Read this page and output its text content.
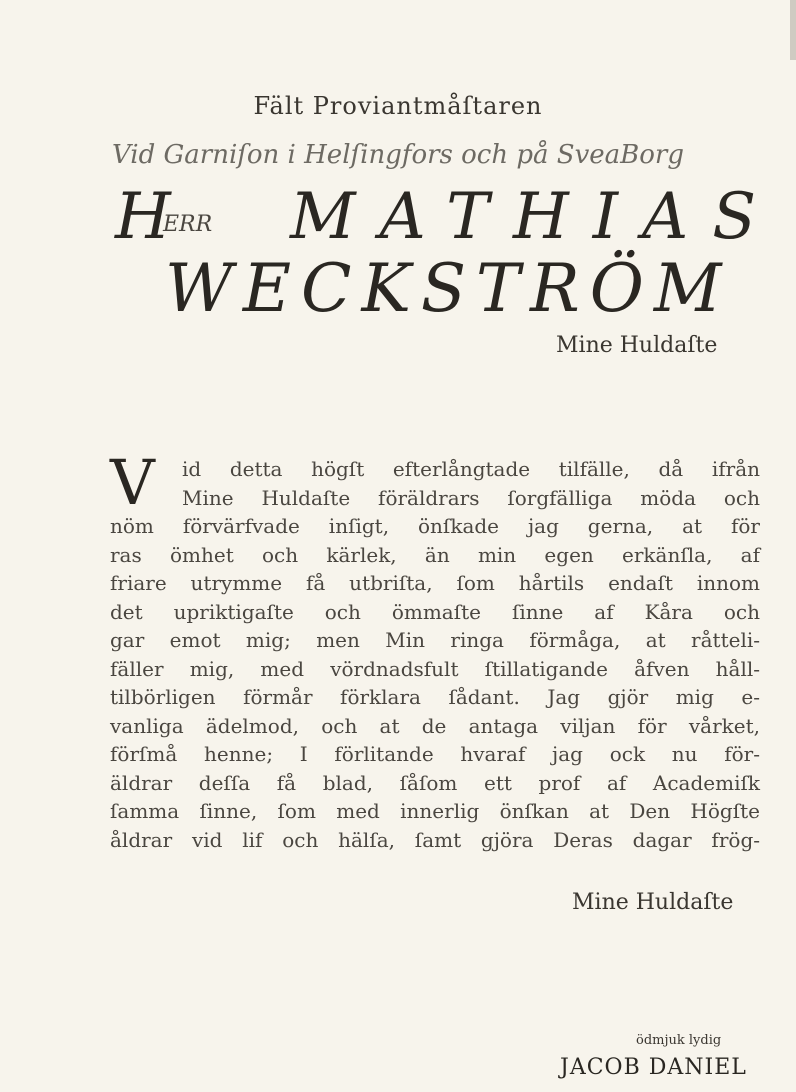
Fält Proviantmåſtaren
Vid Garniſon i Helſingfors och på SveaBorg
H
ERR MATHIAS
WECKSTRÖM
Mine Huldaſte
V	id detta högſt efterlångtade tilfälle, då ifrån
Mine Huldaſte föräldrars ſorgfälliga möda och
nöm förvärfvade inſigt, önſkade jag gerna, at för
ras ömhet och kärlek, än min egen erkänſla, af
friare utrymme få utbriſta, ſom hårtils endaſt innom
det upriktigaſte och ömmaſte ſinne af Kåra och
gar emot mig; men Min ringa förmåga, at råtteli-
fäller mig, med vördnadsfult ſtillatigande åfven håll-
tilbörligen förmår förklara ſådant. Jag gjör mig e-
vanliga ädelmod, och at de antaga viljan för vårket,
förſmå henne; I förlitande hvaraf jag ock nu för-
äldrar deſſa få blad, ſåſom ett prof af Academiſk
ſamma ſinne, ſom med innerlig önſkan at Den Högſte
åldrar vid lif och hälſa, ſamt gjöra Deras dagar frög-
Mine Huldaſte
ödmjuk lydig
JACOB DANIEL
